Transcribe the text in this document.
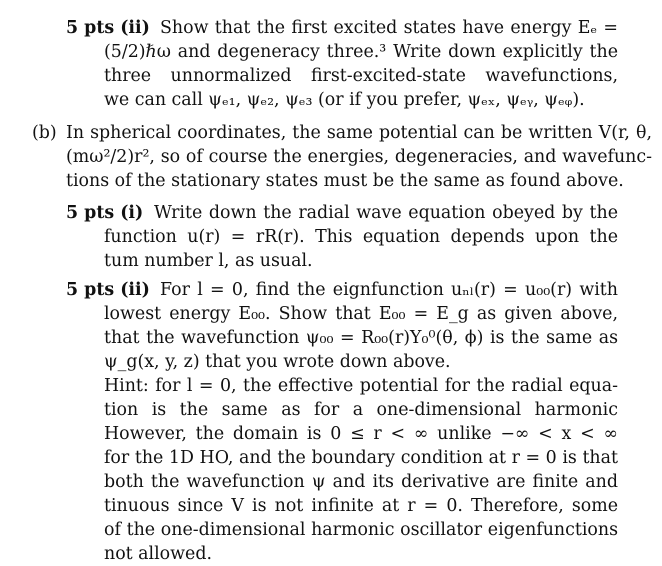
5 pts (ii) Show that the first excited states have energy Eₑ =
(5/2)ℏω and degeneracy three.³ Write down explicitly the
three unnormalized first-excited-state wavefunctions,
we can call ψₑ₁, ψₑ₂, ψₑ₃ (or if you prefer, ψₑₓ, ψₑᵧ, ψₑᵩ).
(b) In spherical coordinates, the same potential can be written V(r, θ,
(mω²/2)r², so of course the energies, degeneracies, and wavefunc-
tions of the stationary states must be the same as found above.
5 pts (i) Write down the radial wave equation obeyed by the
function u(r) = rR(r). This equation depends upon the
tum number l, as usual.
5 pts (ii) For l = 0, find the eignfunction uₙₗ(r) = u₀₀(r) with
lowest energy E₀₀. Show that E₀₀ = E_g as given above,
that the wavefunction ψ₀₀ = R₀₀(r)Y₀⁰(θ, ϕ) is the same as
ψ_g(x, y, z) that you wrote down above.
Hint: for l = 0, the effective potential for the radial equa-
tion is the same as for a one-dimensional harmonic
However, the domain is 0 ≤ r < ∞ unlike −∞ < x < ∞
for the 1D HO, and the boundary condition at r = 0 is that
both the wavefunction ψ and its derivative are finite and
tinuous since V is not infinite at r = 0. Therefore, some
of the one-dimensional harmonic oscillator eigenfunctions
not allowed.
